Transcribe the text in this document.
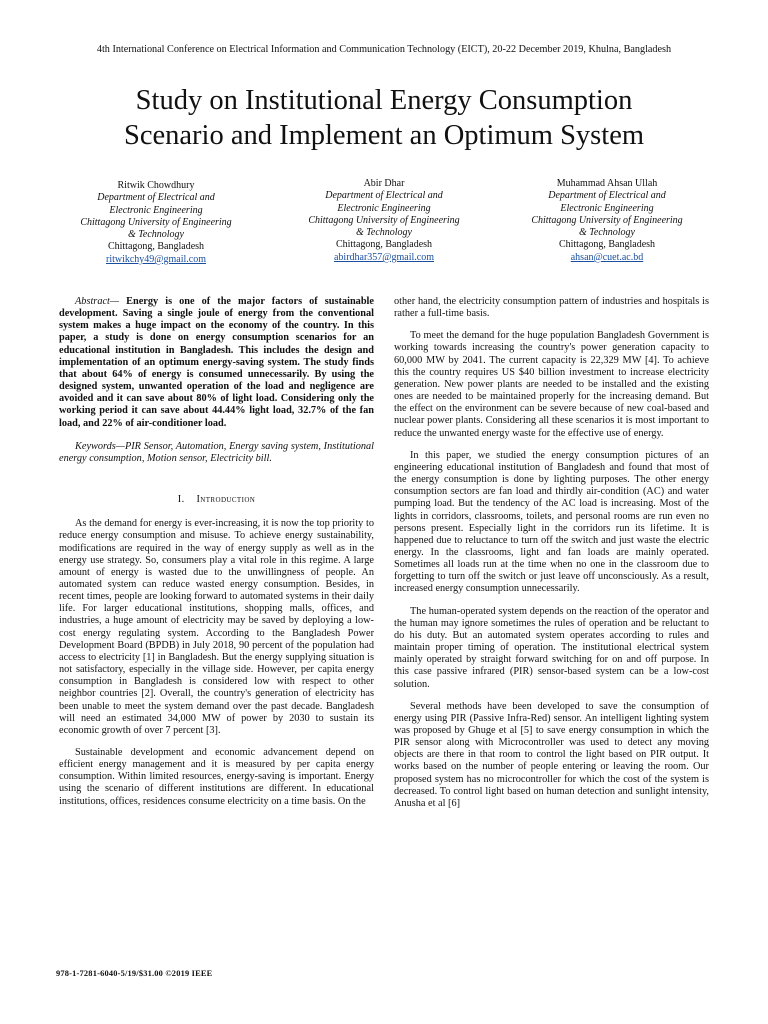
4th International Conference on Electrical Information and Communication Technology (EICT), 20-22 December 2019, Khulna, Bangladesh
Study on Institutional Energy Consumption
Scenario and Implement an Optimum System
Ritwik Chowdhury
Department of Electrical and
Electronic Engineering
Chittagong University of Engineering
& Technology
Chittagong, Bangladesh
ritwikchy49@gmail.com
Abir Dhar
Department of Electrical and
Electronic Engineering
Chittagong University of Engineering
& Technology
Chittagong, Bangladesh
abirdhar357@gmail.com
Muhammad Ahsan Ullah
Department of Electrical and
Electronic Engineering
Chittagong University of Engineering
& Technology
Chittagong, Bangladesh
ahsan@cuet.ac.bd

Abstract— Energy is one of the major factors of sustainable development. Saving a single joule of energy from the conventional system makes a huge impact on the economy of the country. In this paper, a study is done on energy consumption scenarios for an educational institution in Bangladesh. This includes the design and implementation of an optimum energy-saving system. The study finds that about 64% of energy is consumed unnecessarily. By using the designed system, unwanted operation of the load and negligence are avoided and it can save about 80% of light load. Considering only the working period it can save about 44.44% light load, 32.7% of the fan load, and 22% of air-conditioner load.

Keywords—PIR Sensor, Automation, Energy saving system, Institutional energy consumption, Motion sensor, Electricity bill.

I. Introduction

As the demand for energy is ever-increasing, it is now the top priority to reduce energy consumption and misuse. To achieve energy sustainability, modifications are required in the way of energy supply as well as in the energy use strategy. So, consumers play a vital role in this regime. A large amount of energy is wasted due to the unwillingness of people. An automated system can reduce wasted energy consumption. Besides, in recent times, people are looking forward to automated systems in their daily life. For larger educational institutions, shopping malls, offices, and industries, a huge amount of electricity may be saved by deploying a low-cost energy regulating system. According to the Bangladesh Power Development Board (BPDB) in July 2018, 90 percent of the population had access to electricity [1] in Bangladesh. But the energy supplying situation is not satisfactory, especially in the village side. However, per capita energy consumption in Bangladesh is considered low with respect to other neighbor countries [2]. Overall, the country's generation of electricity has been unable to meet the system demand over the past decade. Bangladesh will need an estimated 34,000 MW of power by 2030 to sustain its economic growth of over 7 percent [3].

Sustainable development and economic advancement depend on efficient energy management and it is measured by per capita energy consumption. Within limited resources, energy-saving is important. Energy using the scenario of different institutions are different. In educational institutions, offices, residences consume electricity on a time basis. On the

other hand, the electricity consumption pattern of industries and hospitals is rather a full-time basis.

To meet the demand for the huge population Bangladesh Government is working towards increasing the country's power generation capacity to 60,000 MW by 2041. The current capacity is 22,329 MW [4]. To achieve this the country requires US $40 billion investment to increase electricity generation. New power plants are needed to be installed and the existing ones are needed to be maintained properly for the increasing demand. But the effect on the environment can be severe because of new coal-based and nuclear power plants. Considering all these scenarios it is most important to reduce the unwanted energy waste for the effective use of energy.

In this paper, we studied the energy consumption pictures of an engineering educational institution of Bangladesh and found that most of the energy consumption is done by lighting purposes. The other energy consumption sectors are fan load and thirdly air-condition (AC) and water pumping load. But the tendency of the AC load is increasing. Most of the lights in corridors, classrooms, toilets, and personal rooms are run even no persons present. Especially light in the corridors run its lifetime. It is happened due to reluctance to turn off the switch and just waste the electric energy. In the classrooms, light and fan loads are mainly operated. Sometimes all loads run at the time when no one in the classroom due to forgetting to turn off the switch or just leave off unconsciously. As a result, increased energy consumption unnecessarily.

The human-operated system depends on the reaction of the operator and the human may ignore sometimes the rules of operation and be reluctant to do his duty. But an automated system operates according to rules and maintain proper timing of operation. The institutional electrical system mainly operated by straight forward switching for on and off purpose. In this case passive infrared (PIR) sensor-based system can be a low-cost solution.

Several methods have been developed to save the consumption of energy using PIR (Passive Infra-Red) sensor. An intelligent lighting system was proposed by Ghuge et al [5] to save energy consumption in which the PIR sensor along with Microcontroller was used to detect any moving objects are there in that room to control the light based on PIR output. It works based on the number of people entering or leaving the room. Our proposed system has no microcontroller for which the cost of the system is decreased. To control light based on human detection and sunlight intensity, Anusha et al [6]

978-1-7281-6040-5/19/$31.00 ©2019 IEEE
